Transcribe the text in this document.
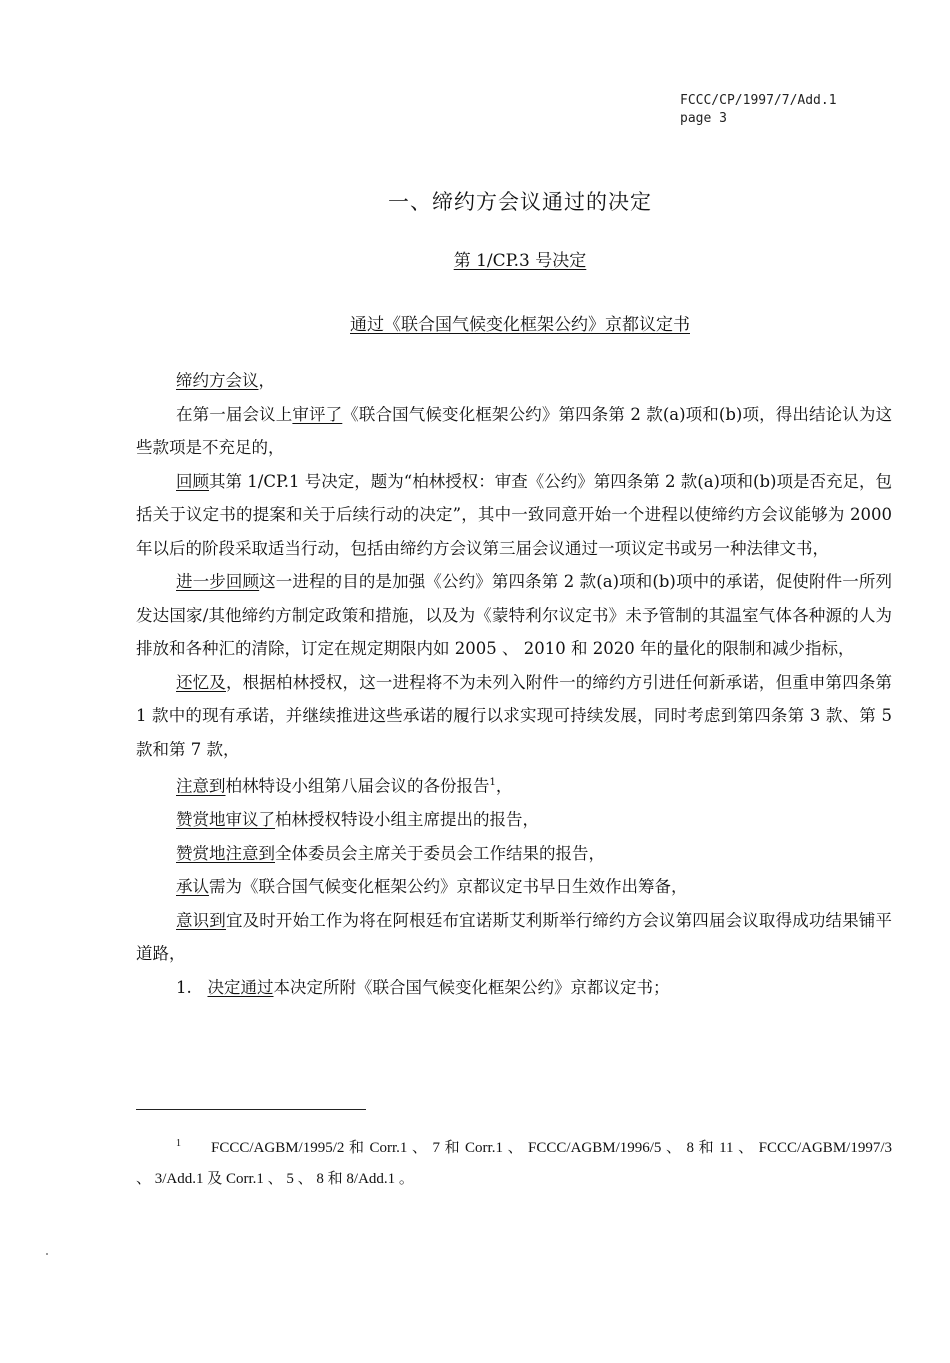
FCCC/CP/1997/7/Add.1
page 3
一、缔约方会议通过的决定
第 1/CP.3 号决定
通过《联合国气候变化框架公约》京都议定书

缔约方会议，

在第一届会议上审评了《联合国气候变化框架公约》第四条第 2 款(a)项和(b)项，得出结论认为这些款项是不充足的，

回顾其第 1/CP.1 号决定，题为“柏林授权：审查《公约》第四条第 2 款(a)项和(b)项是否充足，包括关于议定书的提案和关于后续行动的决定”，其中一致同意开始一个进程以使缔约方会议能够为 2000 年以后的阶段采取适当行动，包括由缔约方会议第三届会议通过一项议定书或另一种法律文书，

进一步回顾这一进程的目的是加强《公约》第四条第 2 款(a)项和(b)项中的承诺，促使附件一所列发达国家/其他缔约方制定政策和措施，以及为《蒙特利尔议定书》未予管制的其温室气体各种源的人为排放和各种汇的清除，订定在规定期限内如 2005 、 2010 和 2020 年的量化的限制和减少指标，

还忆及，根据柏林授权，这一进程将不为未列入附件一的缔约方引进任何新承诺，但重申第四条第 1 款中的现有承诺，并继续推进这些承诺的履行以求实现可持续发展，同时考虑到第四条第 3 款、第 5 款和第 7 款，

注意到柏林特设小组第八届会议的各份报告$^1$，

赞赏地审议了柏林授权特设小组主席提出的报告，

赞赏地注意到全体委员会主席关于委员会工作结果的报告，

承认需为《联合国气候变化框架公约》京都议定书早日生效作出筹备，

意识到宜及时开始工作为将在阿根廷布宜诺斯艾利斯举行缔约方会议第四届会议取得成功结果铺平道路，

1. 决定通过本决定所附《联合国气候变化框架公约》京都议定书；

$^1$ FCCC/AGBM/1995/2 和 Corr.1 、 7 和 Corr.1 、 FCCC/AGBM/1996/5 、 8 和 11 、 FCCC/AGBM/1997/3 、 3/Add.1 及 Corr.1 、 5 、 8 和 8/Add.1 。
